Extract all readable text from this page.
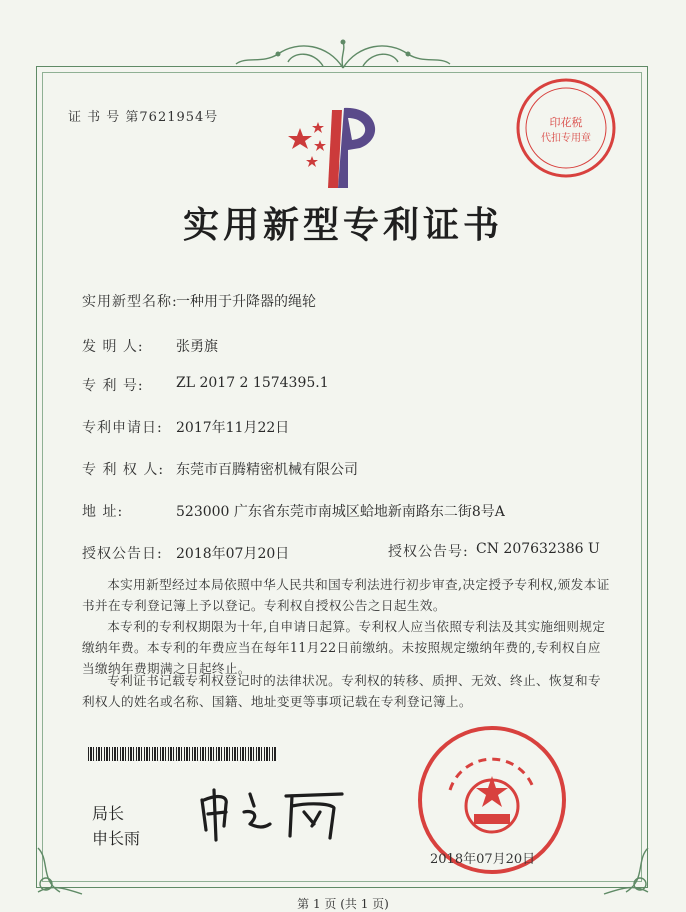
证 书 号 第7621954号	印花税
代扣专用章
实用新型专利证书
实用新型名称:
一种用于升降器的绳轮
发 明 人: 张勇旗
专 利 号: ZL 2017 2 1574395.1
专利申请日: 2017年11月22日
专 利 权 人: 东莞市百腾精密机械有限公司
地 址:	523000 广东省东莞市南城区蛤地新南路东二街8号A
授权公告日: 2018年07月20日	授权公告号: CN 207632386 U
本实用新型经过本局依照中华人民共和国专利法进行初步审查,决定授予专利权,颁发本证书并在专利登记簿上予以登记。专利权自授权公告之日起生效。
本专利的专利权期限为十年,自申请日起算。专利权人应当依照专利法及其实施细则规定缴纳年费。本专利的年费应当在每年11月22日前缴纳。未按照规定缴纳年费的,专利权自应当缴纳年费期满之日起终止。
专利证书记载专利权登记时的法律状况。专利权的转移、质押、无效、终止、恢复和专利权人的姓名或名称、国籍、地址变更等事项记载在专利登记簿上。
局长
申长雨
2018年07月20日
第 1 页 (共 1 页)
